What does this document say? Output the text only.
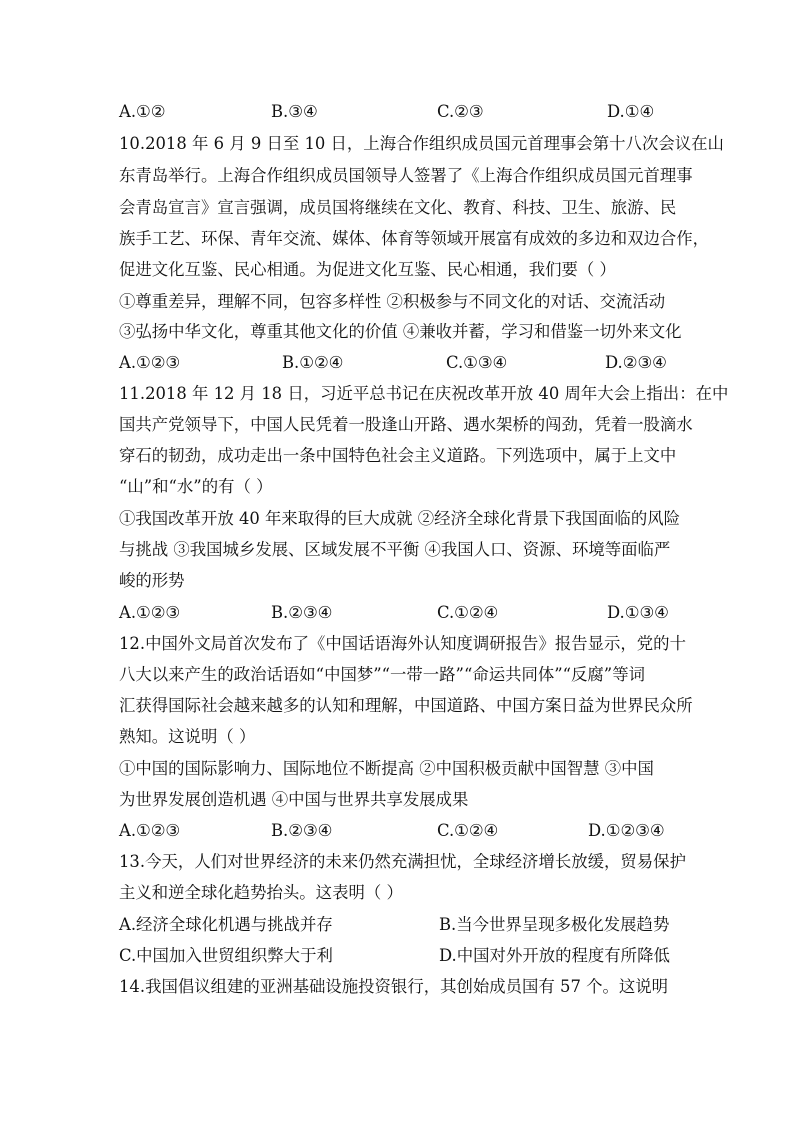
A.①②	B.③④	C.②③	D.①④
10.2018 年 6 月 9 日至 10 日，上海合作组织成员国元首理事会第十八次会议在山
东青岛举行。上海合作组织成员国领导人签署了《上海合作组织成员国元首理事
会青岛宣言》宣言强调，成员国将继续在文化、教育、科技、卫生、旅游、民
族手工艺、环保、青年交流、媒体、体育等领域开展富有成效的多边和双边合作，
促进文化互鉴、民心相通。为促进文化互鉴、民心相通，我们要（ ）
①尊重差异，理解不同，包容多样性 ②积极参与不同文化的对话、交流活动
③弘扬中华文化，尊重其他文化的价值 ④兼收并蓄，学习和借鉴一切外来文化
A.①②③	B.①②④	C.①③④	D.②③④
11.2018 年 12 月 18 日，习近平总书记在庆祝改革开放 40 周年大会上指出：在中
国共产党领导下，中国人民凭着一股逢山开路、遇水架桥的闯劲，凭着一股滴水
穿石的韧劲，成功走出一条中国特色社会主义道路。下列选项中，属于上文中
“山”和“水”的有（ ）
①我国改革开放 40 年来取得的巨大成就 ②经济全球化背景下我国面临的风险
与挑战 ③我国城乡发展、区域发展不平衡 ④我国人口、资源、环境等面临严
峻的形势
A.①②③	B.②③④	C.①②④	D.①③④
12.中国外文局首次发布了《中国话语海外认知度调研报告》报告显示，党的十
八大以来产生的政治话语如“中国梦”“一带一路”“命运共同体”“反腐”等词
汇获得国际社会越来越多的认知和理解，中国道路、中国方案日益为世界民众所
熟知。这说明（ ）
①中国的国际影响力、国际地位不断提高 ②中国积极贡献中国智慧 ③中国
为世界发展创造机遇 ④中国与世界共享发展成果
A.①②③	B.②③④	C.①②④	D.①②③④
13.今天，人们对世界经济的未来仍然充满担忧，全球经济增长放缓，贸易保护
主义和逆全球化趋势抬头。这表明（ ）
A.经济全球化机遇与挑战并存	B.当今世界呈现多极化发展趋势
C.中国加入世贸组织弊大于利	D.中国对外开放的程度有所降低
14.我国倡议组建的亚洲基础设施投资银行，其创始成员国有 57 个。这说明
